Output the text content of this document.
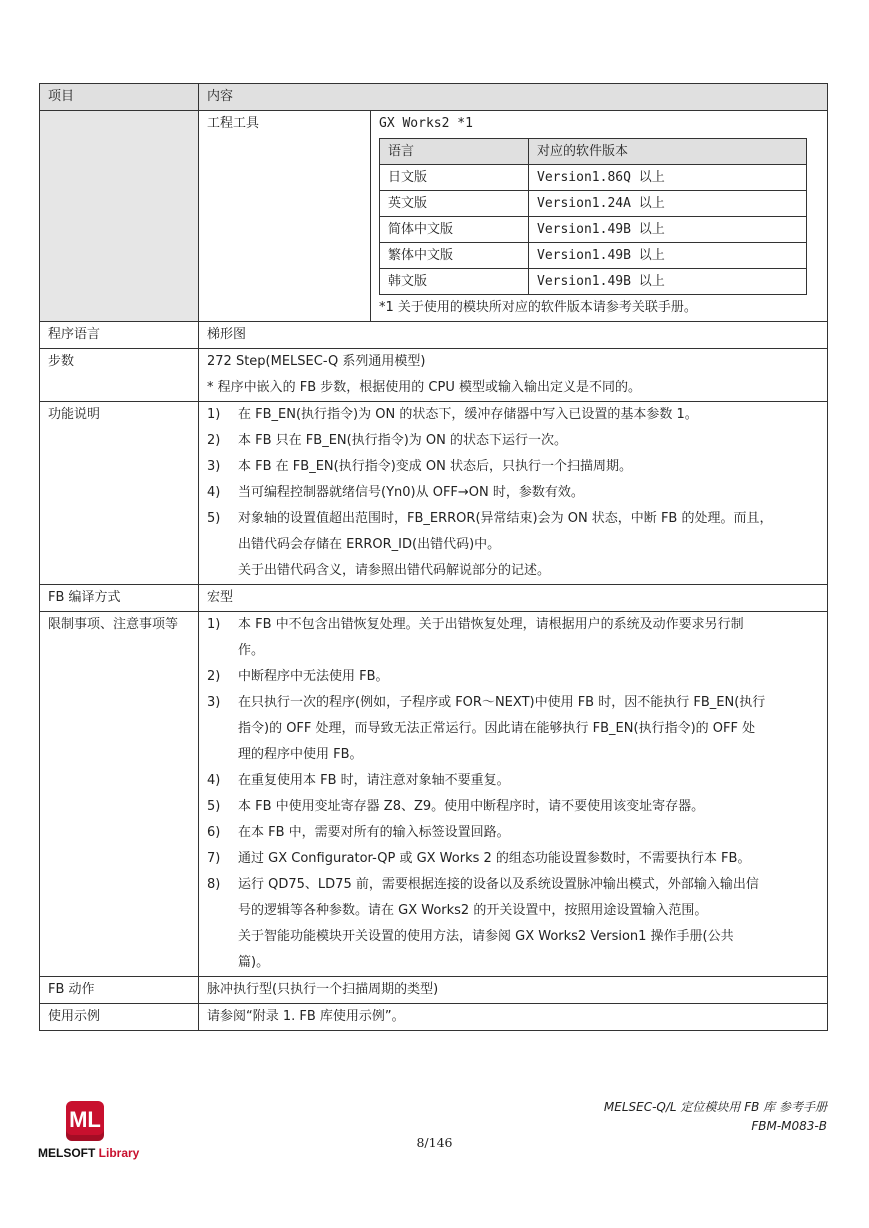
项目	内容

工程工具	GX Works2 *1
语言	对应的软件版本
日文版	Version1.86Q 以上
英文版	Version1.24A 以上
简体中文版	Version1.49B 以上
繁体中文版	Version1.49B 以上
韩文版	Version1.49B 以上
*1 关于使用的模块所对应的软件版本请参考关联手册。

程序语言	梯形图
步数	272 Step(MELSEC-Q 系列通用模型)
* 程序中嵌入的 FB 步数，根据使用的 CPU 模型或输入输出定义是不同的。

功能说明	1)	在 FB_EN(执行指令)为 ON 的状态下，缓冲存储器中写入已设置的基本参数 1。
2)	本 FB 只在 FB_EN(执行指令)为 ON 的状态下运行一次。
3)	本 FB 在 FB_EN(执行指令)变成 ON 状态后，只执行一个扫描周期。
4)	当可编程控制器就绪信号(Yn0)从 OFF→ON 时，参数有效。
5)	对象轴的设置值超出范围时，FB_ERROR(异常结束)会为 ON 状态，中断 FB 的处理。而且，
出错代码会存储在 ERROR_ID(出错代码)中。
关于出错代码含义，请参照出错代码解说部分的记述。

FB 编译方式	宏型
限制事项、注意事项等	1)	本 FB 中不包含出错恢复处理。关于出错恢复处理，请根据用户的系统及动作要求另行制
作。
2)	中断程序中无法使用 FB。
3)	在只执行一次的程序(例如，子程序或 FOR～NEXT)中使用 FB 时，因不能执行 FB_EN(执行
指令)的 OFF 处理，而导致无法正常运行。因此请在能够执行 FB_EN(执行指令)的 OFF 处
理的程序中使用 FB。
4)	在重复使用本 FB 时，请注意对象轴不要重复。
5)	本 FB 中使用变址寄存器 Z8、Z9。使用中断程序时，请不要使用该变址寄存器。
6)	在本 FB 中，需要对所有的输入标签设置回路。
7)	通过 GX Configurator-QP 或 GX Works 2 的组态功能设置参数时，不需要执行本 FB。
8)	运行 QD75、LD75 前，需要根据连接的设备以及系统设置脉冲输出模式，外部输入输出信
号的逻辑等各种参数。请在 GX Works2 的开关设置中，按照用途设置输入范围。
关于智能功能模块开关设置的使用方法，请参阅 GX Works2 Version1 操作手册(公共
篇)。

FB 动作	脉冲执行型(只执行一个扫描周期的类型)
使用示例	请参阅“附录 1. FB 库使用示例”。
ML
MELSOFT Library
MELSEC-Q/L 定位模块用 FB 库 参考手册
FBM-M083-B
8/146
